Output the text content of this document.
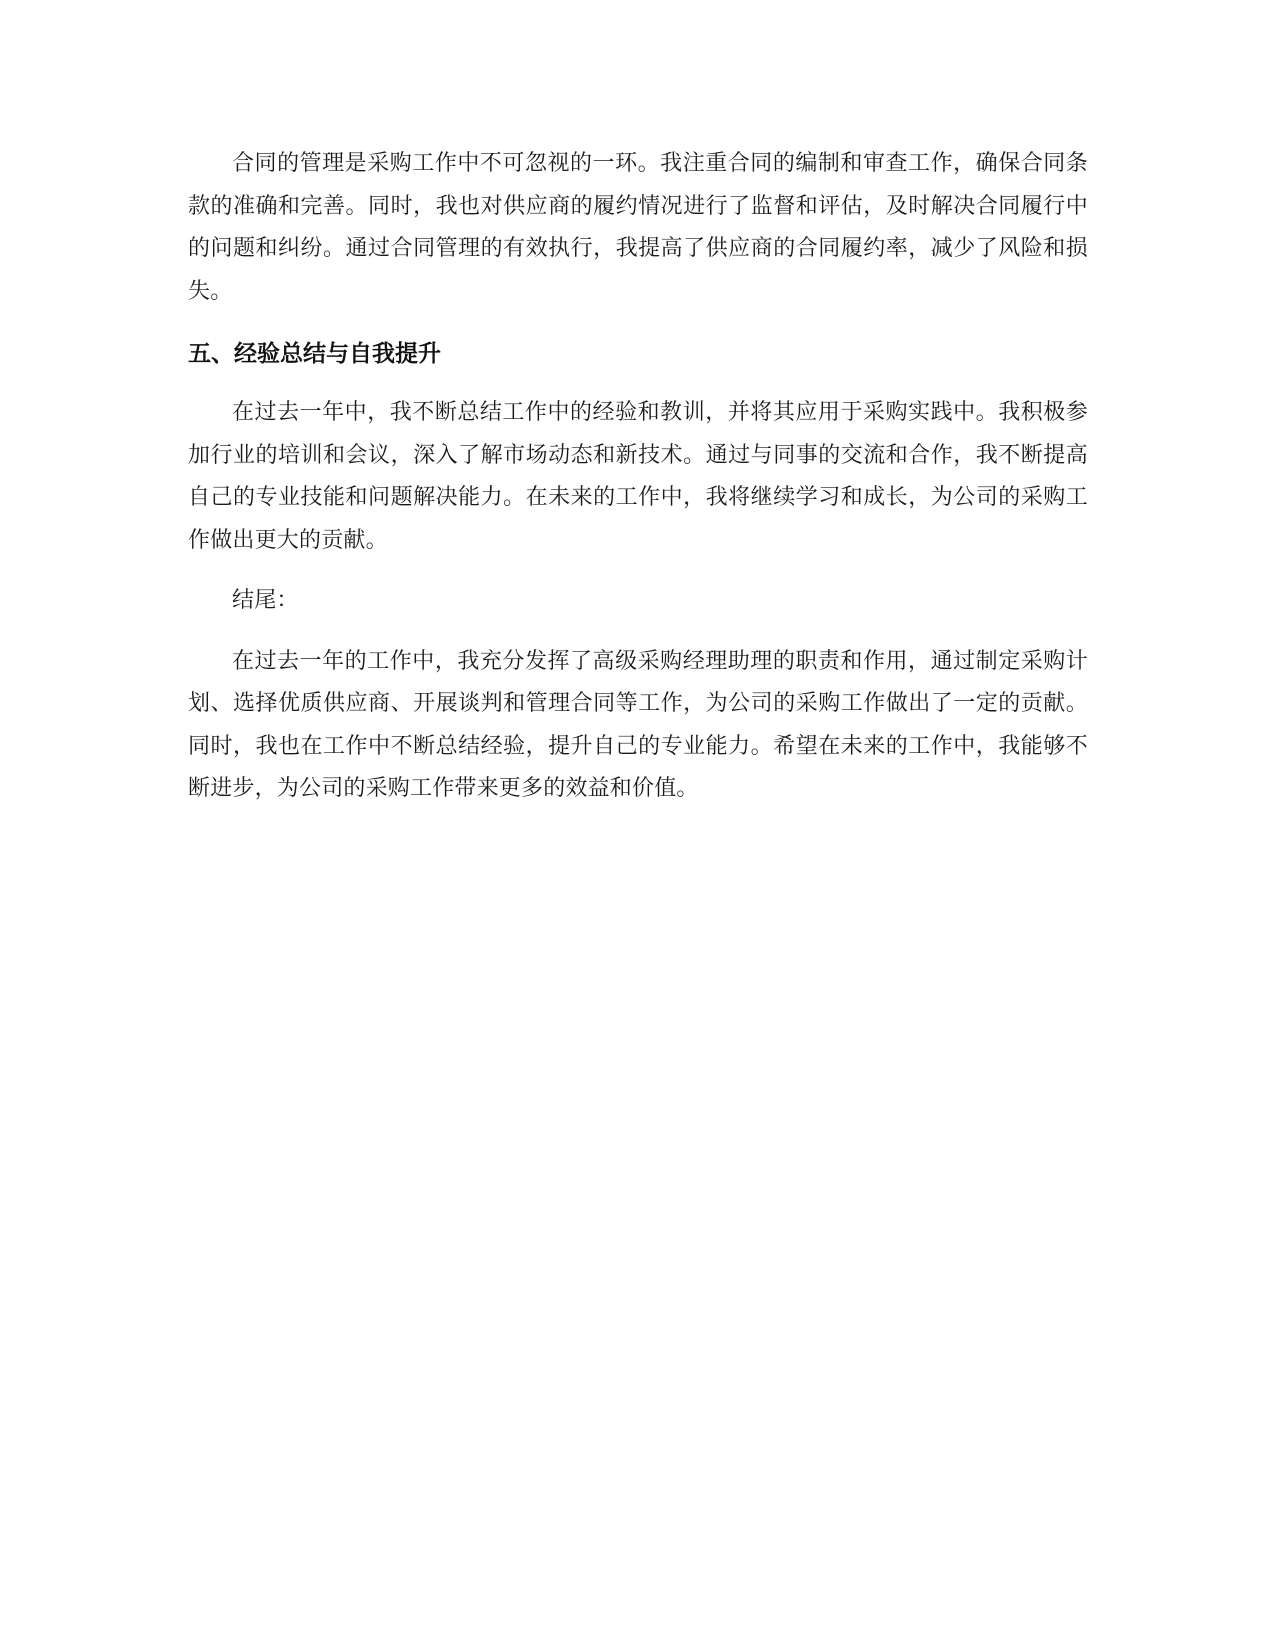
合同的管理是采购工作中不可忽视的一环。我注重合同的编制和审查工作，确保合同条款的准确和完善。同时，我也对供应商的履约情况进行了监督和评估，及时解决合同履行中的问题和纠纷。通过合同管理的有效执行，我提高了供应商的合同履约率，减少了风险和损失。

五、经验总结与自我提升

在过去一年中，我不断总结工作中的经验和教训，并将其应用于采购实践中。我积极参加行业的培训和会议，深入了解市场动态和新技术。通过与同事的交流和合作，我不断提高自己的专业技能和问题解决能力。在未来的工作中，我将继续学习和成长，为公司的采购工作做出更大的贡献。

结尾：

在过去一年的工作中，我充分发挥了高级采购经理助理的职责和作用，通过制定采购计划、选择优质供应商、开展谈判和管理合同等工作，为公司的采购工作做出了一定的贡献。同时，我也在工作中不断总结经验，提升自己的专业能力。希望在未来的工作中，我能够不断进步，为公司的采购工作带来更多的效益和价值。
